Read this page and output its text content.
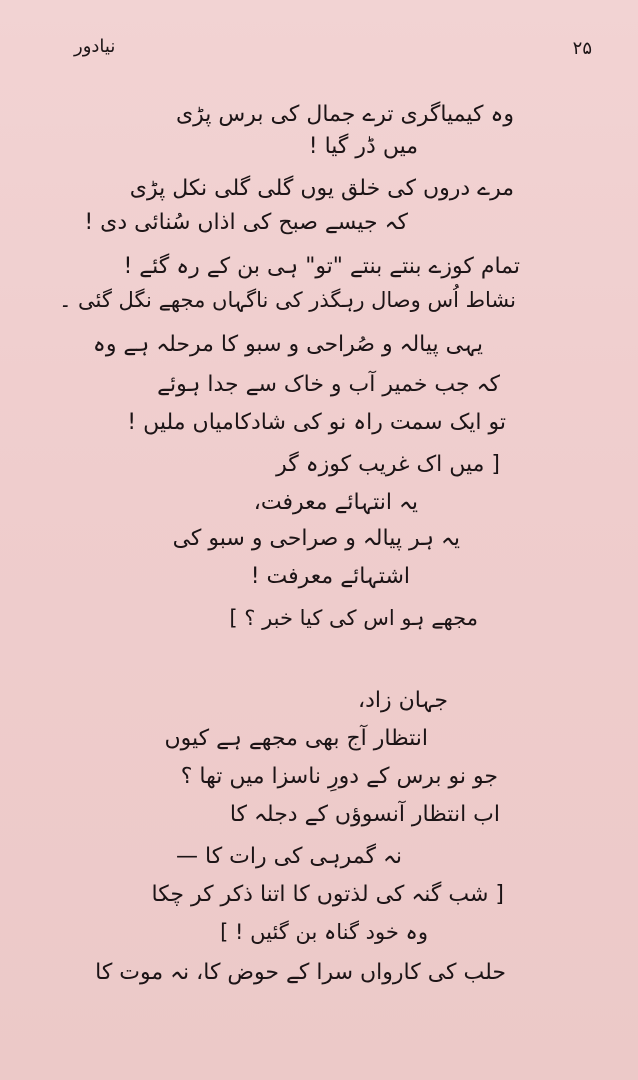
نیادور	۲۵
وہ کیمیاگری ترے جمال کی برس پڑی
میں ڈر گیا !
مرے دروں کی خلق یوں گلی گلی نکل پڑی
کہ جیسے صبح کی اذاں سُنائی دی !
تمام کوزے بنتے بنتے "تو" ہی بن کے رہ گئے !
نشاط اُس وصال رہگذر کی ناگہاں مجھے نگل گئی ۔
یہی پیالہ و صُراحی و سبو کا مرحلہ ہے وہ
کہ جب خمیر آب و خاک سے جدا ہوئے
تو ایک سمت راہ نو کی شادکامیاں ملیں !
[ میں اک غریب کوزہ گر
یہ انتہائے معرفت،
یہ ہر پیالہ و صراحی و سبو کی
اشتہائے معرفت !
مجھے ہو اس کی کیا خبر ؟ ]
جہان زاد،
انتظار آج بھی مجھے ہے کیوں
جو نو برس کے دورِ ناسزا میں تھا ؟
اب انتظار آنسوؤں کے دجلہ کا
نہ گمرہی کی رات کا —
[ شب گنہ کی لذتوں کا اتنا ذکر کر چکا
وہ خود گناہ بن گئیں ! ]
حلب کی کارواں سرا کے حوض کا، نہ موت کا
